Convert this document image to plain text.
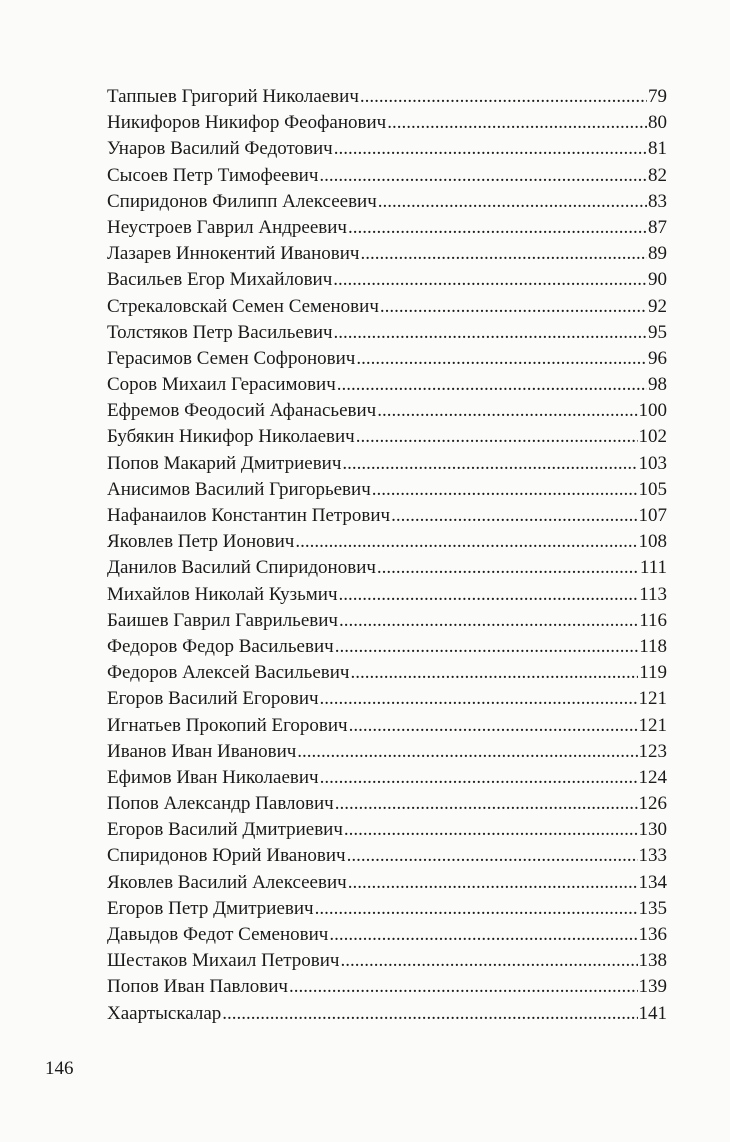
Таппыев Григорий Николаевич .....	79
Никифоров Никифор Феофанович .....	80
Унаров Василий Федотович .....	81
Сысоев Петр Тимофеевич .....	82
Спиридонов Филипп Алексеевич .....	83
Неустроев Гаврил Андреевич .....	87
Лазарев Иннокентий Иванович .....	89
Васильев Егор Михайлович .....	90
Стрекаловскай Семен Семенович .....	92
Толстяков Петр Васильевич .....	95
Герасимов Семен Софронович .....	96
Соров Михаил Герасимович .....	98
Ефремов Феодосий Афанасьевич .....	100
Бубякин Никифор Николаевич .....	102
Попов Макарий Дмитриевич .....	103
Анисимов Василий Григорьевич .....	105
Нафанаилов Константин Петрович .....	107
Яковлев Петр Ионович .....	108
Данилов Василий Спиридонович .....	111
Михайлов Николай Кузьмич .....	113
Баишев Гаврил Гаврильевич .....	116
Федоров Федор Васильевич .....	118
Федоров Алексей Васильевич .....	119
Егоров Василий Егорович .....	121
Игнатьев Прокопий Егорович .....	121
Иванов Иван Иванович .....	123
Ефимов Иван Николаевич .....	124
Попов Александр Павлович .....	126
Егоров Василий Дмитриевич .....	130
Спиридонов Юрий Иванович .....	133
Яковлев Василий Алексеевич .....	134
Егоров Петр Дмитриевич .....	135
Давыдов Федот Семенович .....	136
Шестаков Михаил Петрович .....	138
Попов Иван Павлович .....	139
Хаартыскалар .....	141
146
